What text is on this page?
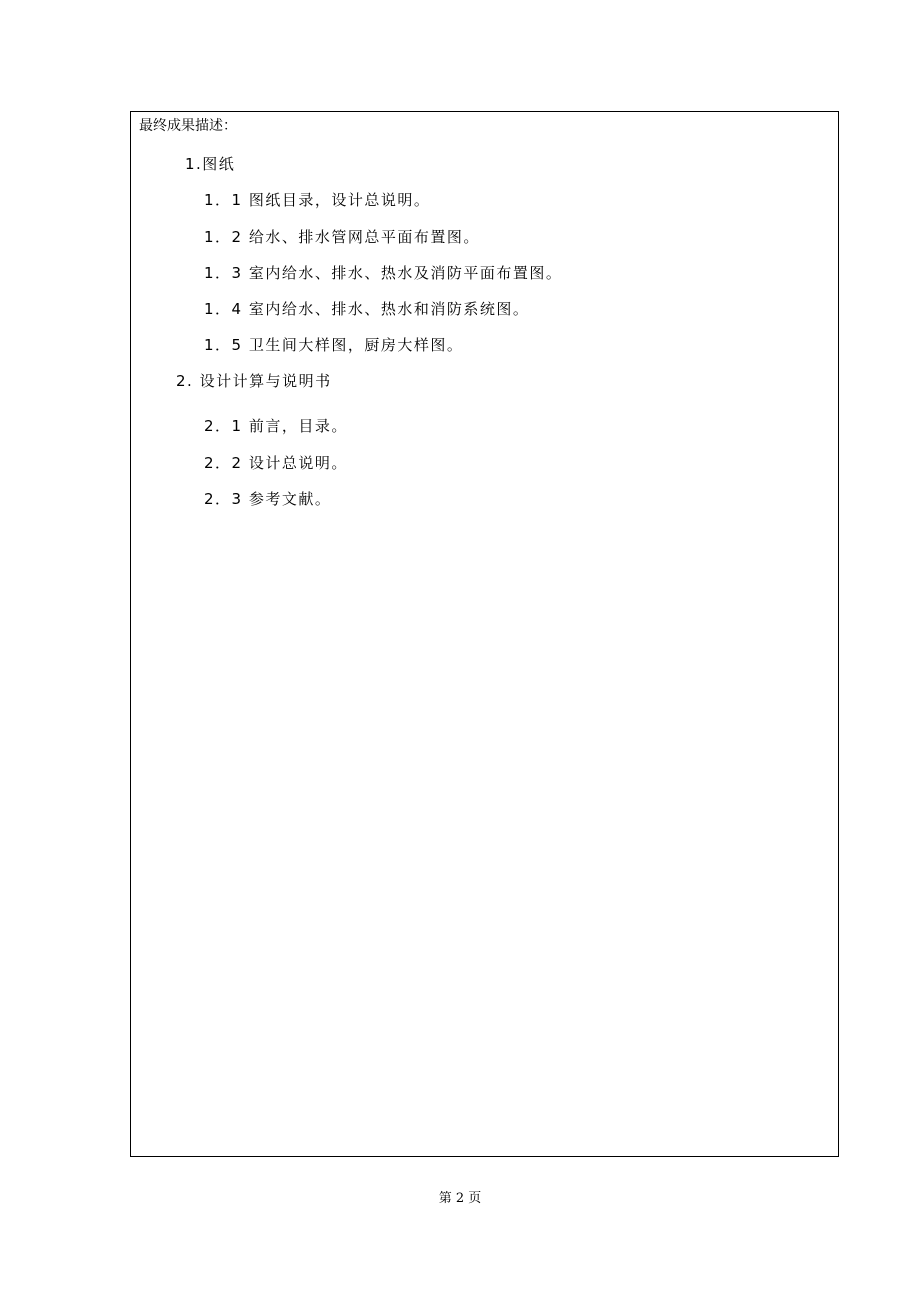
最终成果描述：
1.图纸
1．1 图纸目录，设计总说明。
1．2 给水、排水管网总平面布置图。
1．3 室内给水、排水、热水及消防平面布置图。
1．4 室内给水、排水、热水和消防系统图。
1．5 卫生间大样图，厨房大样图。
2. 设计计算与说明书
2．1 前言，目录。
2．2 设计总说明。
2．3 参考文献。
第 2 页
